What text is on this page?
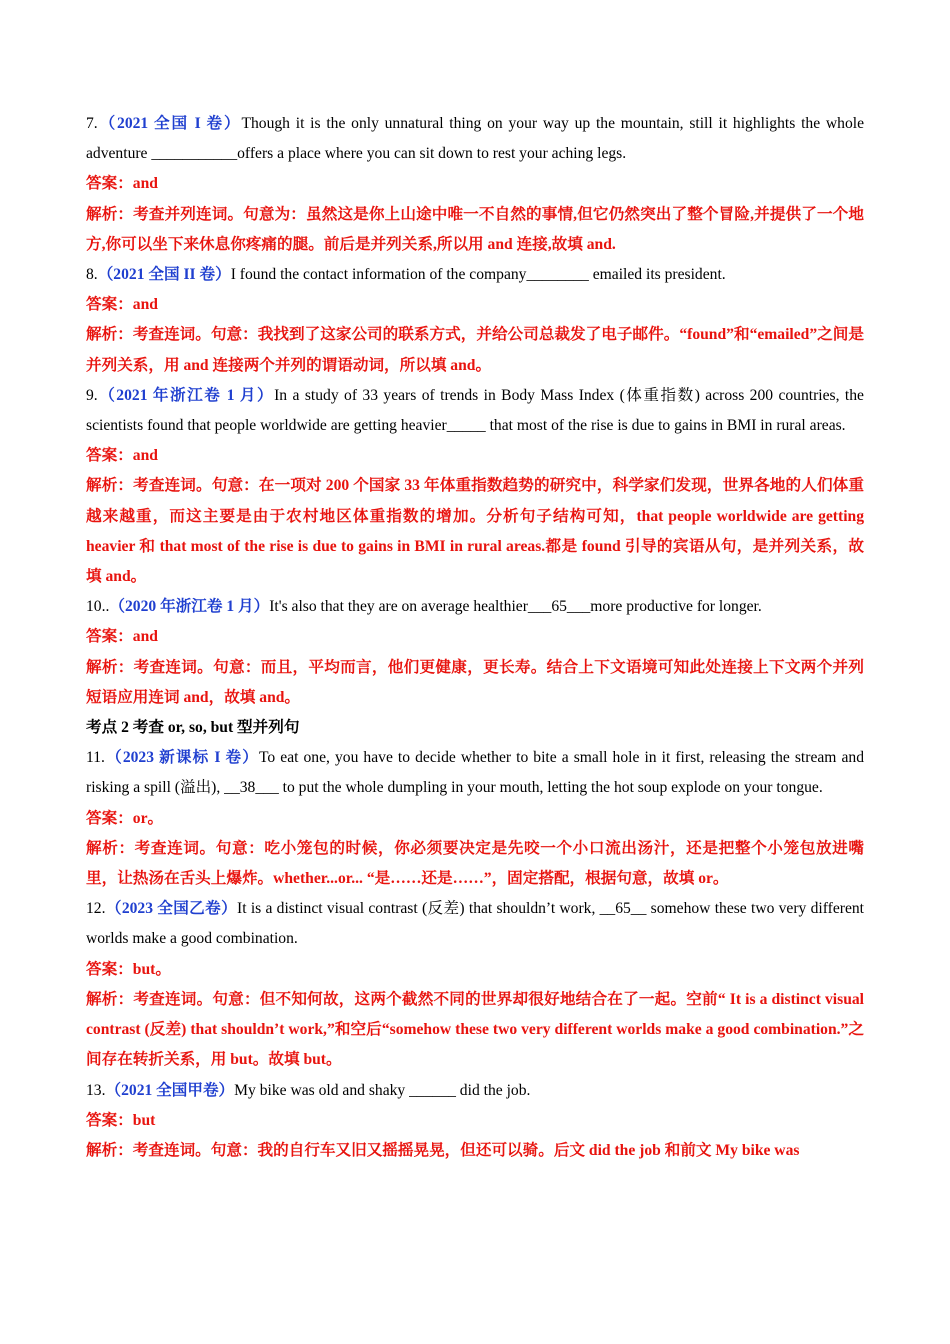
7.（2021 全国 I 卷）Though it is the only unnatural thing on your way up the mountain, still it highlights the whole adventure ___________offers a place where you can sit down to rest your aching legs.

答案：and

解析：考查并列连词。句意为：虽然这是你上山途中唯一不自然的事情,但它仍然突出了整个冒险,并提供了一个地方,你可以坐下来休息你疼痛的腿。前后是并列关系,所以用 and 连接,故填 and.

8.（2021 全国 II 卷）I found the contact information of the company________ emailed its president.

答案：and

解析：考查连词。句意：我找到了这家公司的联系方式，并给公司总裁发了电子邮件。“found”和“emailed”之间是并列关系，用 and 连接两个并列的谓语动词，所以填 and。

9.（2021 年浙江卷 1 月）In a study of 33 years of trends in Body Mass Index (体重指数) across 200 countries, the scientists found that people worldwide are getting heavier_____ that most of the rise is due to gains in BMI in rural areas.

答案：and

解析：考查连词。句意：在一项对 200 个国家 33 年体重指数趋势的研究中，科学家们发现，世界各地的人们体重越来越重，而这主要是由于农村地区体重指数的增加。分析句子结构可知，that people worldwide are getting heavier 和 that most of the rise is due to gains in BMI in rural areas.都是 found 引导的宾语从句，是并列关系，故填 and。

10..（2020 年浙江卷 1 月）It's also that they are on average healthier___65___more productive for longer.

答案：and

解析：考查连词。句意：而且，平均而言，他们更健康，更长寿。结合上下文语境可知此处连接上下文两个并列短语应用连词 and，故填 and。

考点 2 考查 or, so, but 型并列句

11.（2023 新课标 I 卷）To eat one, you have to decide whether to bite a small hole in it first, releasing the stream and risking a spill (溢出), __38___ to put the whole dumpling in your mouth, letting the hot soup explode on your tongue.

答案：or。

解析：考查连词。句意：吃小笼包的时候，你必须要决定是先咬一个小口流出汤汁，还是把整个小笼包放进嘴里，让热汤在舌头上爆炸。whether...or... “是……还是……”，固定搭配，根据句意，故填 or。

12.（2023 全国乙卷）It is a distinct visual contrast (反差) that shouldn’t work, __65__ somehow these two very different worlds make a good combination.

答案：but。

解析：考查连词。句意：但不知何故，这两个截然不同的世界却很好地结合在了一起。空前“ It is a distinct visual contrast (反差) that shouldn’t work,”和空后“somehow these two very different worlds make a good combination.”之间存在转折关系，用 but。故填 but。

13.（2021 全国甲卷）My bike was old and shaky ______ did the job.

答案：but

解析：考查连词。句意：我的自行车又旧又摇摇晃晃，但还可以骑。后文 did the job 和前文 My bike was
